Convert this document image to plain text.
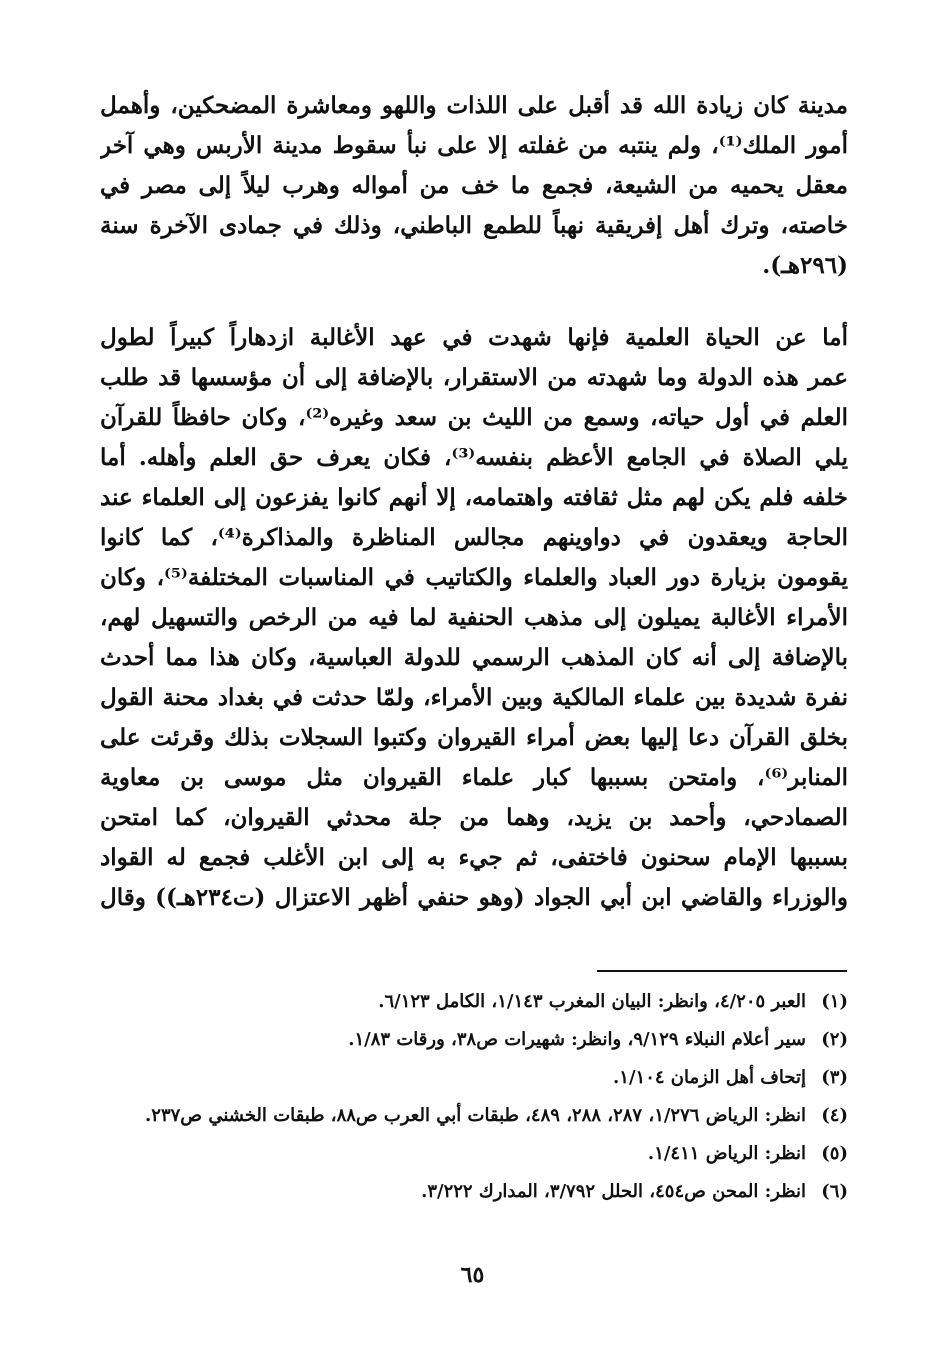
مدينة كان زيادة الله قد أقبل على اللذات واللهو ومعاشرة المضحكين، وأهمل
أمور الملك⁽¹⁾، ولم ينتبه من غفلته إلا على نبأ سقوط مدينة الأربس وهي آخر
معقل يحميه من الشيعة، فجمع ما خف من أمواله وهرب ليلاً إلى مصر في
خاصته، وترك أهل إفريقية نهباً للطمع الباطني، وذلك في جمادى الآخرة سنة
(٢٩٦هـ).
أما عن الحياة العلمية فإنها شهدت في عهد الأغالبة ازدهاراً كبيراً لطول
عمر هذه الدولة وما شهدته من الاستقرار، بالإضافة إلى أن مؤسسها قد طلب
العلم في أول حياته، وسمع من الليث بن سعد وغيره⁽²⁾، وكان حافظاً للقرآن
يلي الصلاة في الجامع الأعظم بنفسه⁽³⁾، فكان يعرف حق العلم وأهله. أما
خلفه فلم يكن لهم مثل ثقافته واهتمامه، إلا أنهم كانوا يفزعون إلى العلماء عند
الحاجة ويعقدون في دواوينهم مجالس المناظرة والمذاكرة⁽⁴⁾، كما كانوا
يقومون بزيارة دور العباد والعلماء والكتاتيب في المناسبات المختلفة⁽⁵⁾، وكان
الأمراء الأغالبة يميلون إلى مذهب الحنفية لما فيه من الرخص والتسهيل لهم،
بالإضافة إلى أنه كان المذهب الرسمي للدولة العباسية، وكان هذا مما أحدث
نفرة شديدة بين علماء المالكية وبين الأمراء، ولمّا حدثت في بغداد محنة القول
بخلق القرآن دعا إليها بعض أمراء القيروان وكتبوا السجلات بذلك وقرئت على
المنابر⁽⁶⁾، وامتحن بسببها كبار علماء القيروان مثل موسى بن معاوية
الصمادحي، وأحمد بن يزيد، وهما من جلة محدثي القيروان، كما امتحن
بسببها الإمام سحنون فاختفى، ثم جيء به إلى ابن الأغلب فجمع له القواد
والوزراء والقاضي ابن أبي الجواد (وهو حنفي أظهر الاعتزال (ت٢٣٤هـ)) وقال
(١)
العبر ٤/٢٠٥، وانظر: البيان المغرب ١/١٤٣، الكامل ٦/١٢٣.
(٢)
سير أعلام النبلاء ٩/١٢٩، وانظر: شهيرات ص٣٨، ورقات ١/٨٣.
(٣)
إتحاف أهل الزمان ١/١٠٤.
(٤)
انظر: الرياض ١/٢٧٦، ٢٨٧، ٢٨٨، ٤٨٩، طبقات أبي العرب ص٨٨، طبقات الخشني ص٢٣٧.
(٥)
انظر: الرياض ١/٤١١.
(٦)
انظر: المحن ص٤٥٤، الحلل ٣/٧٩٢، المدارك ٣/٢٢٢.
٦٥
